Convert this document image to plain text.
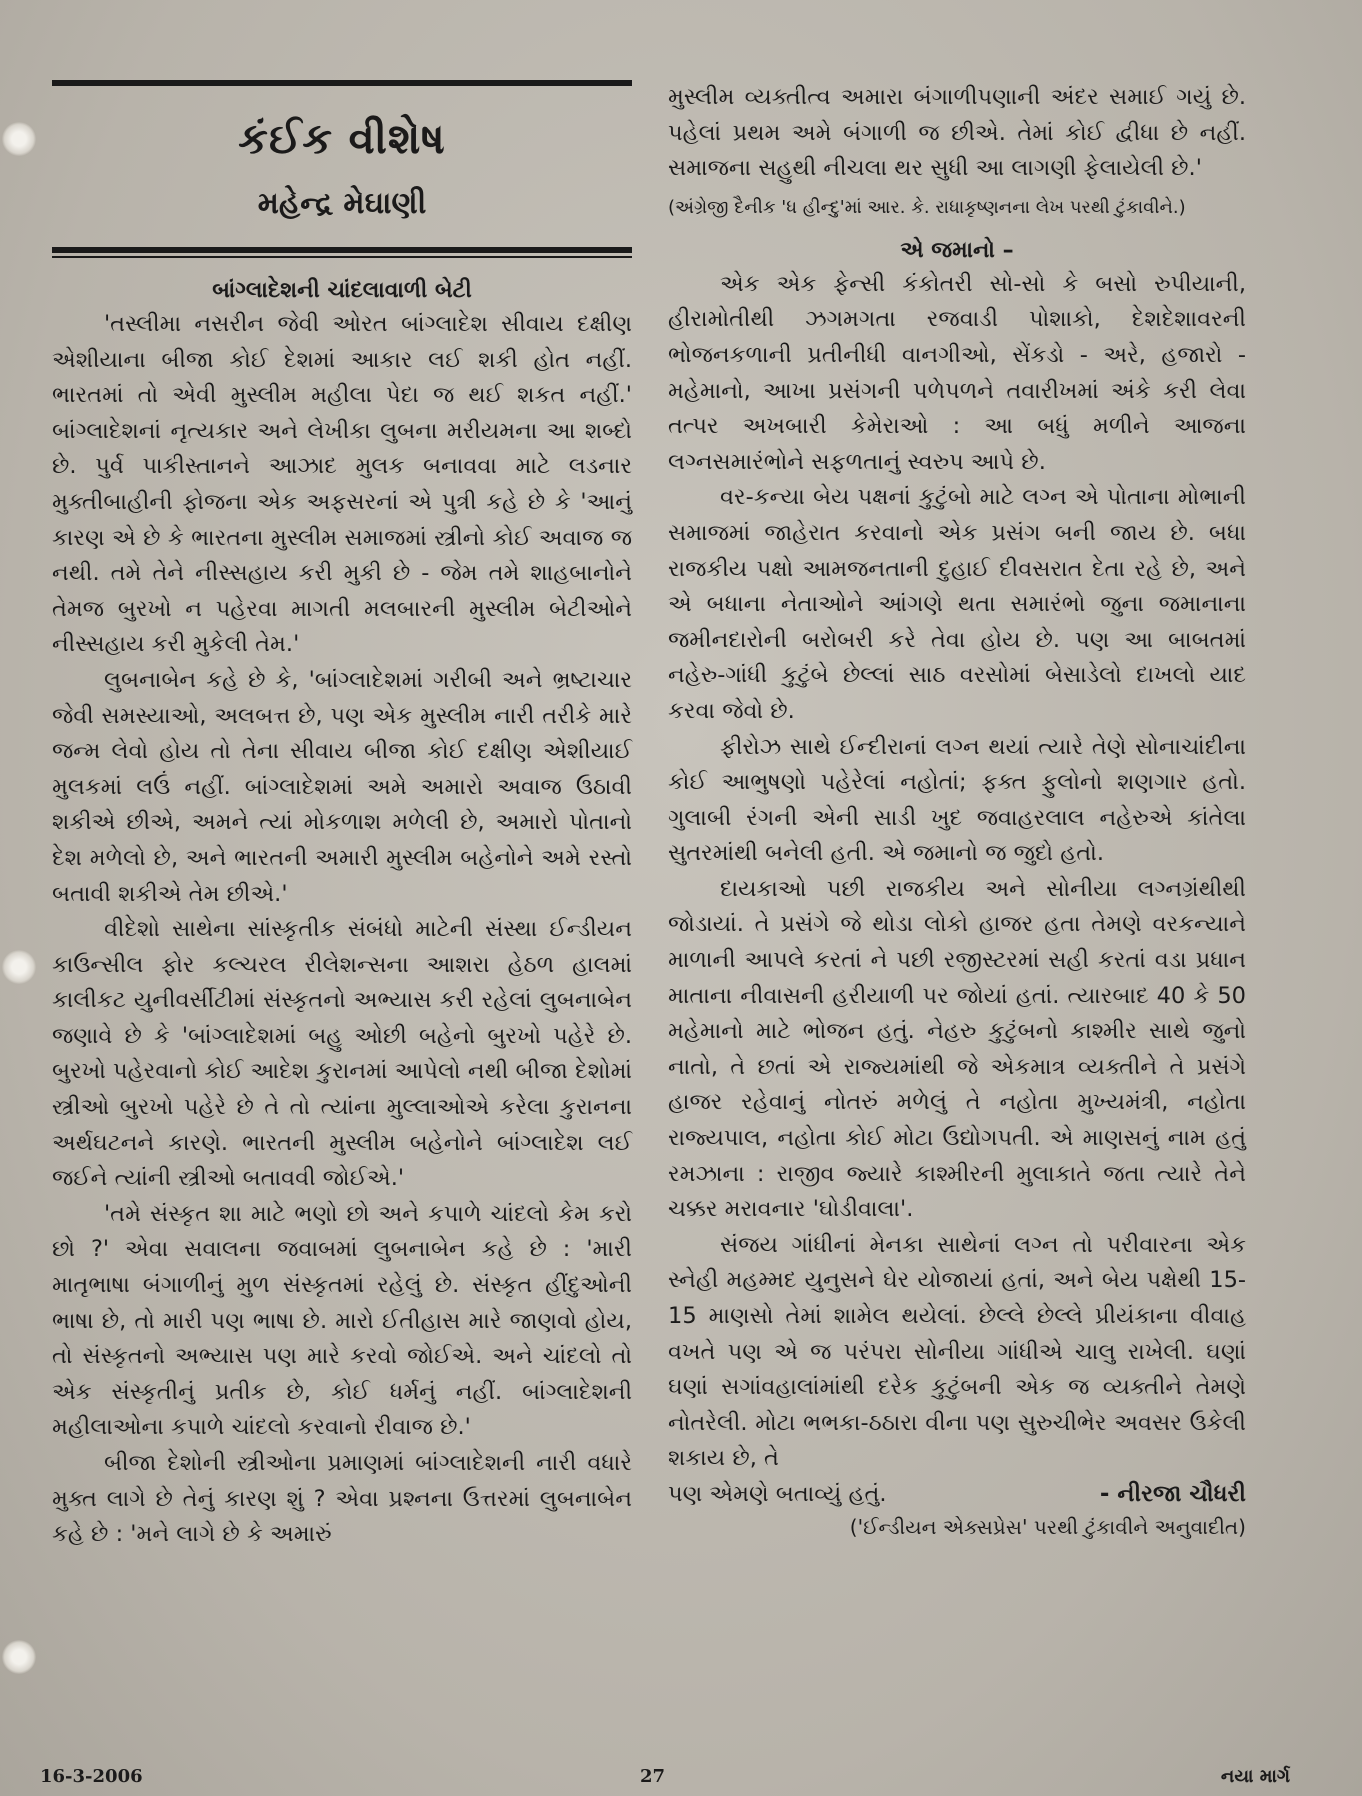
કંઈક વીશેષ
મહેન્દ્ર મેઘાણી
બાંગ્લાદેશની ચાંદલાવાળી બેટી

'તસ્લીમા નસરીન જેવી ઓરત બાંગ્લાદેશ સીવાય દક્ષીણ એશીયાના બીજા કોઈ દેશમાં આકાર લઈ શકી હોત નહીં. ભારતમાં તો એવી મુસ્લીમ મહીલા પેદા જ થઈ શકત નહીં.' બાંગ્લાદેશનાં નૃત્યકાર અને લેખીકા લુબના મરીયમના આ શબ્દો છે. પુર્વ પાકીસ્તાનને આઝાદ મુલક બનાવવા માટે લડનાર મુક્તીબાહીની ફોજના એક અફસરનાં એ પુત્રી કહે છે કે 'આનું કારણ એ છે કે ભારતના મુસ્લીમ સમાજમાં સ્ત્રીનો કોઈ અવાજ જ નથી. તમે તેને નીસ્સહાય કરી મુકી છે - જેમ તમે શાહબાનોને તેમજ બુરખો ન પહેરવા માગતી મલબારની મુસ્લીમ બેટીઓને નીસ્સહાય કરી મુકેલી તેમ.'

લુબનાબેન કહે છે કે, 'બાંગ્લાદેશમાં ગરીબી અને ભ્રષ્ટાચાર જેવી સમસ્યાઓ, અલબત્ત છે, પણ એક મુસ્લીમ નારી તરીકે મારે જન્મ લેવો હોય તો તેના સીવાય બીજા કોઈ દક્ષીણ એશીયાઈ મુલકમાં લઉં નહીં. બાંગ્લાદેશમાં અમે અમારો અવાજ ઉઠાવી શકીએ છીએ, અમને ત્યાં મોકળાશ મળેલી છે, અમારો પોતાનો દેશ મળેલો છે, અને ભારતની અમારી મુસ્લીમ બહેનોને અમે રસ્તો બતાવી શકીએ તેમ છીએ.'

વીદેશો સાથેના સાંસ્કૃતીક સંબંધો માટેની સંસ્થા ઈન્ડીયન કાઉન્સીલ ફોર કલ્ચરલ રીલેશન્સના આશરા હેઠળ હાલમાં કાલીકટ યુનીવર્સીટીમાં સંસ્કૃતનો અભ્યાસ કરી રહેલાં લુબનાબેન જણાવે છે કે 'બાંગ્લાદેશમાં બહુ ઓછી બહેનો બુરખો પહેરે છે. બુરખો પહેરવાનો કોઈ આદેશ કુરાનમાં આપેલો નથી બીજા દેશોમાં સ્ત્રીઓ બુરખો પહેરે છે તે તો ત્યાંના મુલ્લાઓએ કરેલા કુરાનના અર્થઘટનને કારણે. ભારતની મુસ્લીમ બહેનોને બાંગ્લાદેશ લઈ જઈને ત્યાંની સ્ત્રીઓ બતાવવી જોઈએ.'

'તમે સંસ્કૃત શા માટે ભણો છો અને કપાળે ચાંદલો કેમ કરો છો ?' એવા સવાલના જવાબમાં લુબનાબેન કહે છે : 'મારી માતૃભાષા બંગાળીનું મુળ સંસ્કૃતમાં રહેલું છે. સંસ્કૃત હીંદુઓની ભાષા છે, તો મારી પણ ભાષા છે. મારો ઈતીહાસ મારે જાણવો હોય, તો સંસ્કૃતનો અભ્યાસ પણ મારે કરવો જોઈએ. અને ચાંદલો તો એક સંસ્કૃતીનું પ્રતીક છે, કોઈ ધર્મનું નહીં. બાંગ્લાદેશની મહીલાઓના કપાળે ચાંદલો કરવાનો રીવાજ છે.'

બીજા દેશોની સ્ત્રીઓના પ્રમાણમાં બાંગ્લાદેશની નારી વધારે મુક્ત લાગે છે તેનું કારણ શું ? એવા પ્રશ્નના ઉત્તરમાં લુબનાબેન કહે છે : 'મને લાગે છે કે અમારું

મુસ્લીમ વ્યક્તીત્વ અમારા બંગાળીપણાની અંદર સમાઈ ગયું છે. પહેલાં પ્રથમ અમે બંગાળી જ છીએ. તેમાં કોઈ દ્વીધા છે નહીં. સમાજના સહુથી નીચલા થર સુધી આ લાગણી ફેલાયેલી છે.'

(અંગ્રેજી દૈનીક 'ધ હીન્દુ'માં આર. કે. રાધાકૃષ્ણનના લેખ પરથી ટુંકાવીને.)

એ જમાનો –

એક એક ફેન્સી કંકોતરી સો-સો કે બસો રુપીયાની, હીરામોતીથી ઝગમગતા રજવાડી પોશાકો, દેશદેશાવરની ભોજનકળાની પ્રતીનીધી વાનગીઓ, સેંકડો - અરે, હજારો - મહેમાનો, આખા પ્રસંગની પળેપળને તવારીખમાં અંકે કરી લેવા તત્પર અખબારી કેમેરાઓ : આ બધું મળીને આજના લગ્નસમારંભોને સફળતાનું સ્વરુપ આપે છે.

વર-કન્યા બેય પક્ષનાં કુટુંબો માટે લગ્ન એ પોતાના મોભાની સમાજમાં જાહેરાત કરવાનો એક પ્રસંગ બની જાય છે. બધા રાજકીય પક્ષો આમજનતાની દુહાઈ દીવસરાત દેતા રહે છે, અને એ બધાના નેતાઓને આંગણે થતા સમારંભો જુના જમાનાના જમીનદારોની બરોબરી કરે તેવા હોય છે. પણ આ બાબતમાં નહેરુ-ગાંધી કુટુંબે છેલ્લાં સાઠ વરસોમાં બેસાડેલો દાખલો યાદ કરવા જેવો છે.

ફીરોઝ સાથે ઈન્દીરાનાં લગ્ન થયાં ત્યારે તેણે સોનાચાંદીના કોઈ આભુષણો પહેરેલાં નહોતાં; ફક્ત ફુલોનો શણગાર હતો. ગુલાબી રંગની એની સાડી ખુદ જવાહરલાલ નહેરુએ કાંતેલા સુતરમાંથી બનેલી હતી. એ જમાનો જ જુદો હતો.

દાયકાઓ પછી રાજકીય અને સોનીયા લગ્નગ્રંથીથી જોડાયાં. તે પ્રસંગે જે થોડા લોકો હાજર હતા તેમણે વરકન્યાને માળાની આપલે કરતાં ને પછી રજીસ્ટરમાં સહી કરતાં વડા પ્રધાન માતાના નીવાસની હરીયાળી પર જોયાં હતાં. ત્યારબાદ 40 કે 50 મહેમાનો માટે ભોજન હતું. નેહરુ કુટુંબનો કાશ્મીર સાથે જુનો નાતો, તે છતાં એ રાજ્યમાંથી જે એકમાત્ર વ્યક્તીને તે પ્રસંગે હાજર રહેવાનું નોતરું મળેલું તે નહોતા મુખ્યમંત્રી, નહોતા રાજ્યપાલ, નહોતા કોઈ મોટા ઉદ્યોગપતી. એ માણસનું નામ હતું રમઝાના : રાજીવ જ્યારે કાશ્મીરની મુલાકાતે જતા ત્યારે તેને ચક્કર મરાવનાર 'ઘોડીવાલા'.

સંજય ગાંધીનાં મેનકા સાથેનાં લગ્ન તો પરીવારના એક સ્નેહી મહમ્મદ યુનુસને ઘેર યોજાયાં હતાં, અને બેય પક્ષેથી 15-15 માણસો તેમાં શામેલ થયેલાં. છેલ્લે છેલ્લે પ્રીયંકાના વીવાહ વખતે પણ એ જ પરંપરા સોનીયા ગાંધીએ ચાલુ રાખેલી. ઘણાં ઘણાં સગાંવહાલાંમાંથી દરેક કુટુંબની એક જ વ્યક્તીને તેમણે નોતરેલી. મોટા ભભકા-ઠઠારા વીના પણ સુરુચીભેર અવસર ઉકેલી શકાય છે, તે

પણ એમણે બતાવ્યું હતું.	- નીરજા ચૌધરી
('ઈન્ડીયન એક્સપ્રેસ' પરથી ટુંકાવીને અનુવાદીત)
16-3-2006	27	નયા માર્ગ
